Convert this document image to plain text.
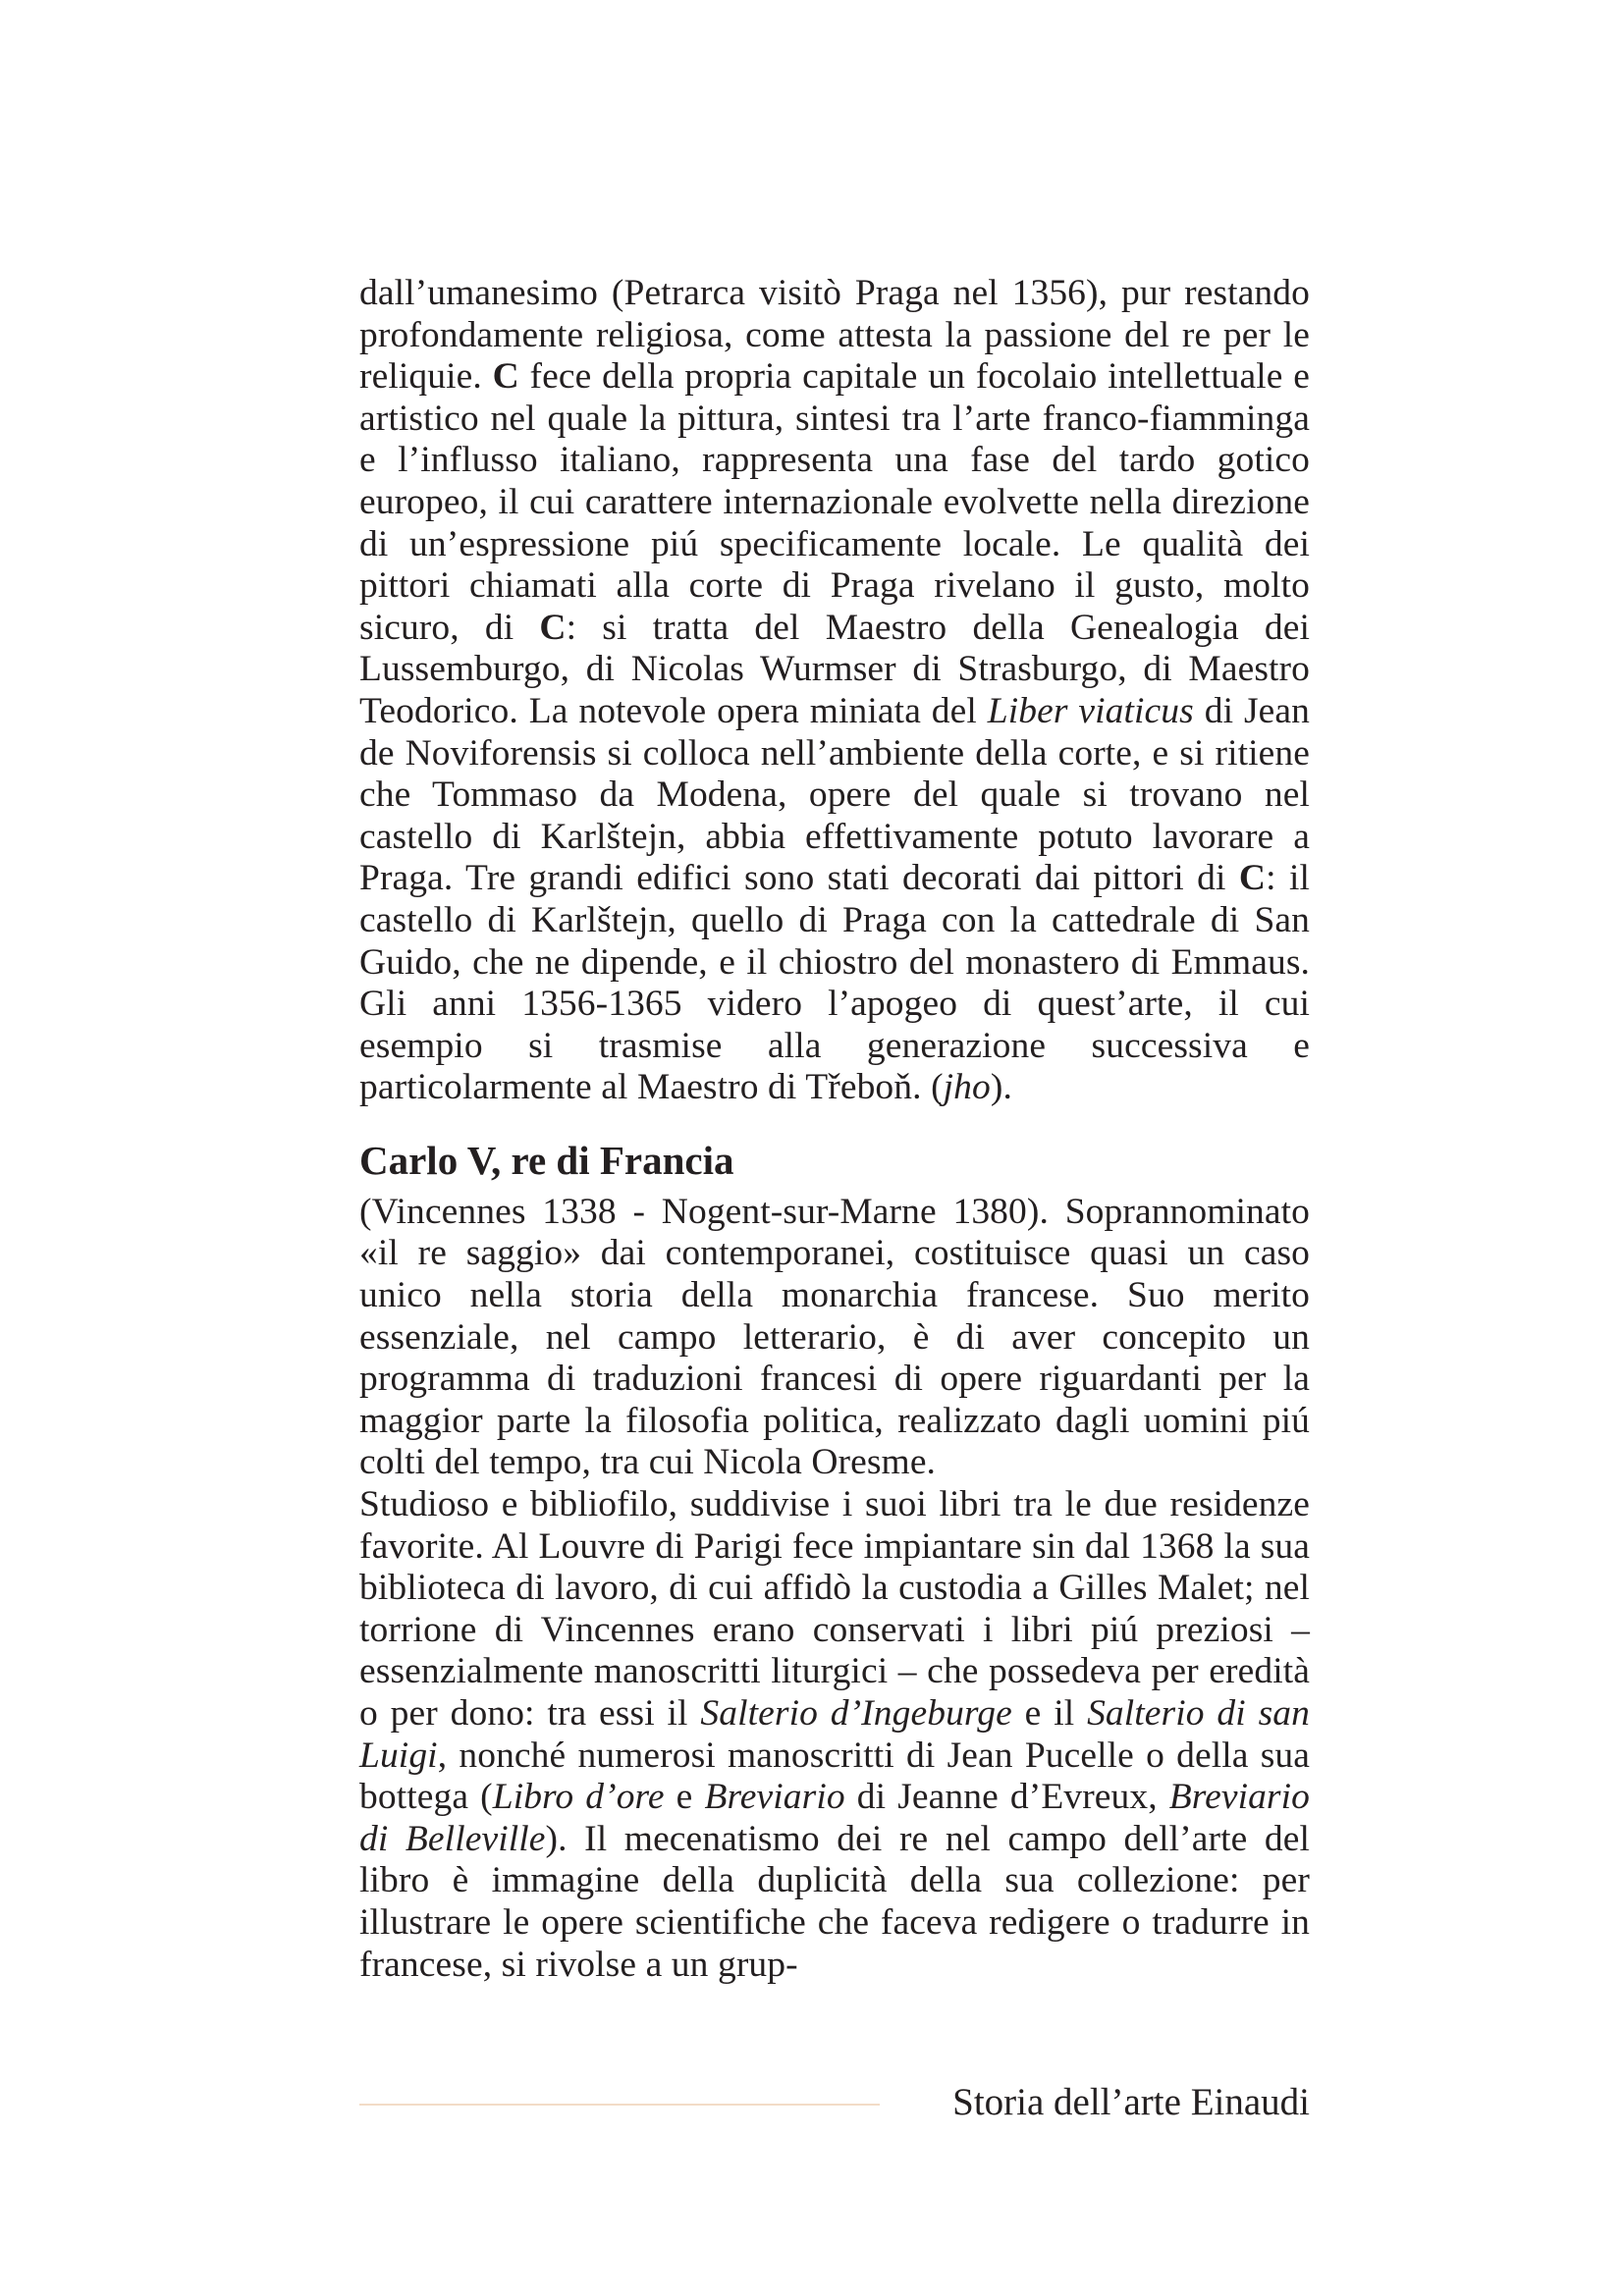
dall’umanesimo (Petrarca visitò Praga nel 1356), pur restando profondamente religiosa, come attesta la passione del re per le reliquie. C fece della propria capitale un focolaio intellettuale e artistico nel quale la pittura, sintesi tra l’arte franco-fiamminga e l’influsso italiano, rappresenta una fase del tardo gotico europeo, il cui carattere internazionale evolvette nella direzione di un’espressione piú specificamente locale. Le qualità dei pittori chiamati alla corte di Praga rivelano il gusto, molto sicuro, di C: si tratta del Maestro della Genealogia dei Lussemburgo, di Nicolas Wurmser di Strasburgo, di Maestro Teodorico. La notevole opera miniata del Liber viaticus di Jean de Noviforensis si colloca nell’ambiente della corte, e si ritiene che Tommaso da Modena, opere del quale si trovano nel castello di Karlštejn, abbia effettivamente potuto lavorare a Praga. Tre grandi edifici sono stati decorati dai pittori di C: il castello di Karlštejn, quello di Praga con la cattedrale di San Guido, che ne dipende, e il chiostro del monastero di Emmaus. Gli anni 1356-1365 videro l’apogeo di quest’arte, il cui esempio si trasmise alla generazione successiva e particolarmente al Maestro di Třeboň. (jho).

Carlo V, re di Francia

(Vincennes 1338 - Nogent-sur-Marne 1380). Soprannominato «il re saggio» dai contemporanei, costituisce quasi un caso unico nella storia della monarchia francese. Suo merito essenziale, nel campo letterario, è di aver concepito un programma di traduzioni francesi di opere riguardanti per la maggior parte la filosofia politica, realizzato dagli uomini piú colti del tempo, tra cui Nicola Oresme.

Studioso e bibliofilo, suddivise i suoi libri tra le due residenze favorite. Al Louvre di Parigi fece impiantare sin dal 1368 la sua biblioteca di lavoro, di cui affidò la custodia a Gilles Malet; nel torrione di Vincennes erano conservati i libri piú preziosi – essenzialmente manoscritti liturgici – che possedeva per eredità o per dono: tra essi il Salterio d’Ingeburge e il Salterio di san Luigi, nonché numerosi manoscritti di Jean Pucelle o della sua bottega (Libro d’ore e Breviario di Jeanne d’Evreux, Breviario di Belleville). Il mecenatismo dei re nel campo dell’arte del libro è immagine della duplicità della sua collezione: per illustrare le opere scientifiche che faceva redigere o tradurre in francese, si rivolse a un grup-

Storia dell’arte Einaudi
